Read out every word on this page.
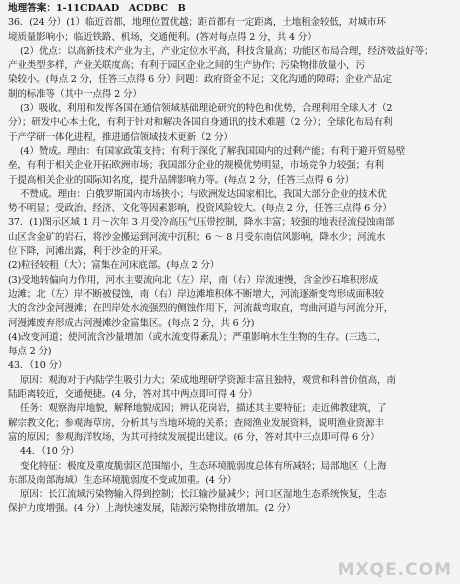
地理答案：1-11CDAAD　ACDBC　B
36．(24 分）(1）临近首都，地理位置优越；距首都有一定距离，土地租金较低，对城市环
境质量影响小；临近铁路、机场，交通便利。(答对每点得 2 分，共 4 分）
(2）优点：以高新技术产业为主，产业定位水平高，科技含量高；功能区布局合理，经济效益好等；
产业类型多样，产业关联度高；有利于园区企业之间的生产协作；污染物排放量小，污
染较小。(每点 2 分，任答三点得 6 分）问题：政府资金不足；文化沟通的障碍；企业产品定
制的标准等（其中一点得 2 分）
(3）吸收、利用和发挥各国在通信领域基础理论研究的特色和优势，合理利用全球人才（2
分）；研发中心本土化，有利于针对和解决各国自身通讯的技术难题（2 分）；全球化布局有利
于产学研一体化进程，推进通信领域技术更新（2 分）
(4）赞成。理由：有国家政策支持；有利于深化了解我国国内的过剩产能；有利于避开贸易壁
垒，有利于相关企业开拓欧洲市场；我国部分企业的规模优势明显，市场竞争力较强；有利
于提高相关企业的国际知名度，提升品牌影响力等。(每点 2 分，任答三点得 6 分）
不赞成。理由：白俄罗斯国内市场狭小；与欧洲发达国家相比，我国大部分企业的技术优
势不明显；受政治、经济、文化等因素影响，投资风险较大。(每点 2 分，任答三点得 6 分）
37．(1)图示区域 1 月～次年 3 月受冷高压气压带控制，降水丰富；较强的地表径流侵蚀南部
山区含金矿的岩石，将沙金搬运到河流中沉积；6 ～ 8 月受东南信风影响，降水少；河流水
位下降，河滩出露，利于沙金的开采。
(2)粒径较粗（大）；富集在河床底部。(每点 2 分）
(3)受地转偏向力作用，河水主要流向北（左）岸，南（右）岸流速慢，含金沙石堆积形成
边滩；北（左）岸不断被侵蚀，南（右）岸边滩堆积体不断增大，河流逐渐变弯形成面积较
大的含沙金河漫滩；在凹岸处水流强烈的侧蚀作用下，河流裁弯取直，弯曲河道与河流分开，
河漫滩废弃形成古河漫滩沙金富集区。(每点 2 分，共 6 分)
(4)改变河道；使河流含沙量增加（或水流变得紊乱）；严重影响水生生物的生存。(三选二，
每点 2 分)
43．（10 分）
原因：观海对于内陆学生吸引力大；荣成地理研学资源丰富且独特，观赏和科普价值高，南
陆距离较近，交通便捷。(4 分，答对其中两点即可得 4 分）
任务：观察海岸地貌，解释地貌成因；辨认花岗岩，描述其主要特征；走近佛教建筑，了
解宗教文化；参观海草房，分析其与当地环境的关系；查阅渔业发展资料，说明渔业资源丰
富的原因；参观海洋牧场，为其可持续发展提出建议。(6 分，答对其中三点即可得 6 分）
44．（10 分）
变化特征：极度及重度脆弱区范围缩小，生态环境脆弱度总体有所减轻；局部地区（上海
东部及南部海域）生态环境脆弱度不变或加重。(4 分）
原因：长江流域污染物输入得到控制；长江输沙量减少；河口区湿地生态系统恢复，生态
保护力度增强。(4 分）上海快速发展，陆源污染物排放增加。(2 分）
MXQE.COM
